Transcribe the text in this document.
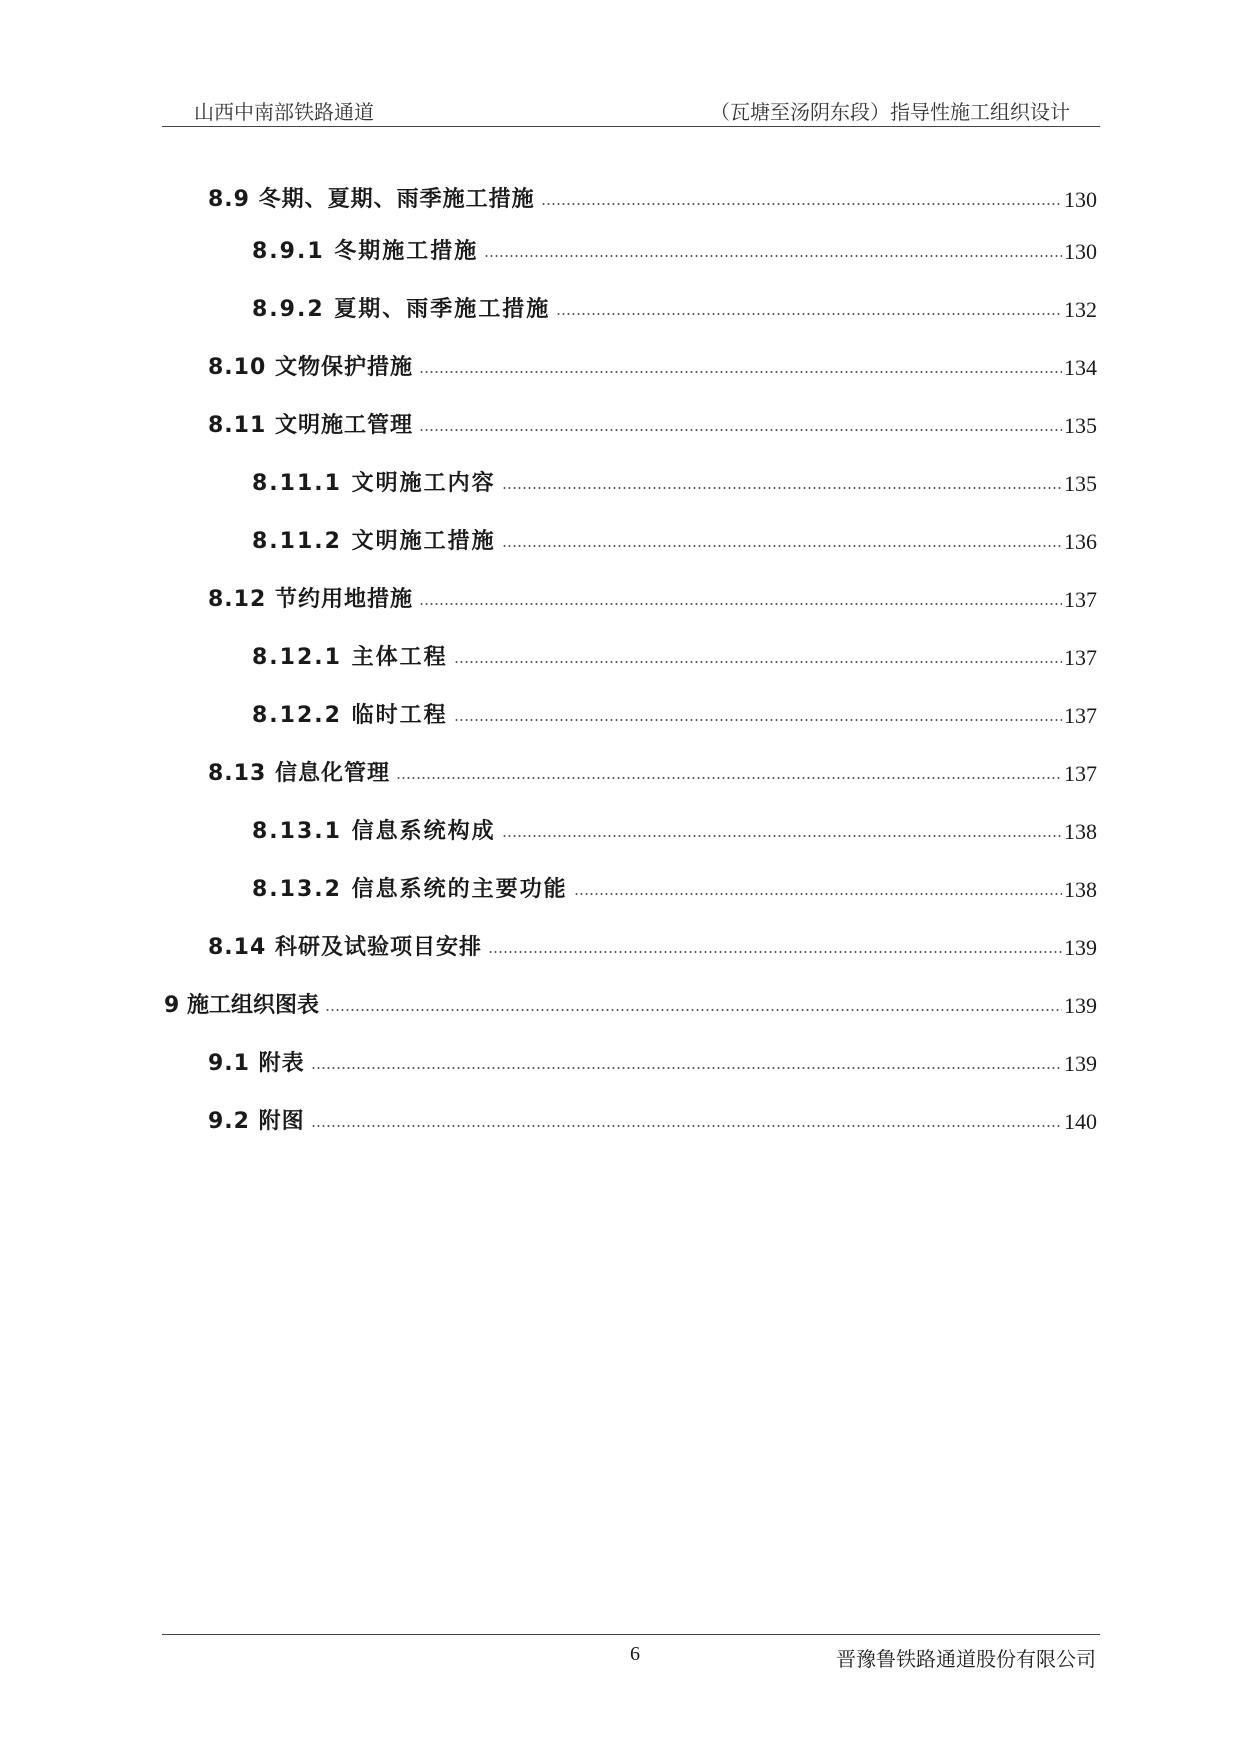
山西中南部铁路通道	（瓦塘至汤阴东段）指导性施工组织设计
8.9 冬期、夏期、雨季施工措施	130
8.9.1 冬期施工措施	130
8.9.2 夏期、雨季施工措施	132
8.10 文物保护措施	134
8.11 文明施工管理	135
8.11.1 文明施工内容	135
8.11.2 文明施工措施	136
8.12 节约用地措施	137
8.12.1 主体工程	137
8.12.2 临时工程	137
8.13 信息化管理	137
8.13.1 信息系统构成	138
8.13.2 信息系统的主要功能	138
8.14 科研及试验项目安排	139
9 施工组织图表	139
9.1 附表	139
9.2 附图	140
6	晋豫鲁铁路通道股份有限公司
